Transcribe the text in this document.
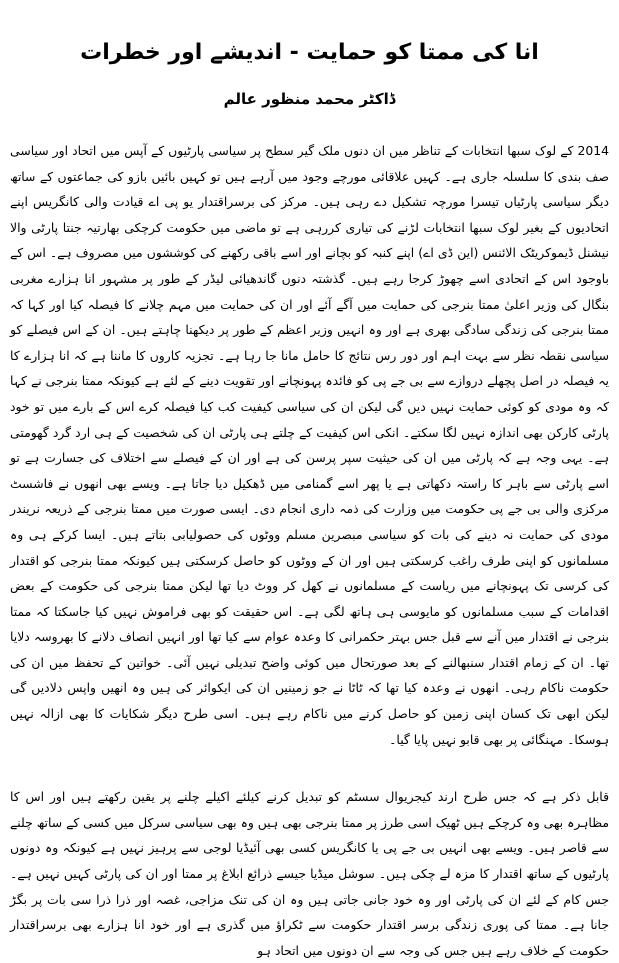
انا کی ممتا کو حمایت - اندیشے اور خطرات
ڈاکٹر محمد منظور عالم

2014 کے لوک سبھا انتخابات کے تناظر میں ان دنوں ملک گیر سطح پر سیاسی پارٹیوں کے آپس میں اتحاد اور سیاسی صف بندی کا سلسلہ جاری ہے۔ کہیں علاقائی مورچے وجود میں آرہے ہیں تو کہیں بائیں بازو کی جماعتوں کے ساتھ دیگر سیاسی پارٹیاں تیسرا مورچہ تشکیل دے رہی ہیں۔ مرکز کی برسراقتدار یو پی اے قیادت والی کانگریس اپنے اتحادیوں کے بغیر لوک سبھا انتخابات لڑنے کی تیاری کررہی ہے تو ماضی میں حکومت کرچکی بھارتیہ جنتا پارٹی والا نیشنل ڈیموکریٹک الائنس (این ڈی اے) اپنے کنبہ کو بچانے اور اسے باقی رکھنے کی کوششوں میں مصروف ہے۔ اس کے باوجود اس کے اتحادی اسے چھوڑ کرجا رہے ہیں۔ گذشتہ دنوں گاندھیائی لیڈر کے طور پر مشہور انا ہزارے مغربی بنگال کی وزیر اعلیٰ ممتا بنرجی کی حمایت میں آگے آئے اور ان کی حمایت میں مہم چلانے کا فیصلہ کیا اور کہا کہ ممتا بنرجی کی زندگی سادگی بھری ہے اور وہ انہیں وزیر اعظم کے طور پر دیکھنا چاہتے ہیں۔ ان کے اس فیصلے کو سیاسی نقطہ نظر سے بہت اہم اور دور رس نتائج کا حامل مانا جا رہا ہے۔ تجزیہ کاروں کا ماننا ہے کہ انا ہزارے کا یہ فیصلہ در اصل پچھلے دروازے سے بی جے پی کو فائدہ پہونچانے اور تقویت دینے کے لئے ہے کیونکہ ممتا بنرجی نے کہا کہ وہ مودی کو کوئی حمایت نہیں دیں گی لیکن ان کی سیاسی کیفیت کب کیا فیصلہ کرے اس کے بارے میں تو خود پارٹی کارکن بھی اندازہ نہیں لگا سکتے۔ انکی اس کیفیت کے چلتے ہی پارٹی ان کی شخصیت کے ہی ارد گرد گھومتی ہے۔ یہی وجہ ہے کہ پارٹی میں ان کی حیثیت سپر پرسن کی ہے اور ان کے فیصلے سے اختلاف کی جسارت ہے تو اسے پارٹی سے باہر کا راستہ دکھاتی ہے یا پھر اسے گمنامی میں ڈھکیل دیا جاتا ہے۔ ویسے بھی انھوں نے فاشسٹ مرکزی والی بی جے پی حکومت میں وزارت کی ذمہ داری انجام دی۔ ایسی صورت میں ممتا بنرجی کے ذریعہ نریندر مودی کی حمایت نہ دینے کی بات کو سیاسی مبصرین مسلم ووٹوں کی حصولیابی بتاتے ہیں۔ ایسا کرکے ہی وہ مسلمانوں کو اپنی طرف راغب کرسکتی ہیں اور ان کے ووٹوں کو حاصل کرسکتی ہیں کیونکہ ممتا بنرجی کو اقتدار کی کرسی تک پہونچانے میں ریاست کے مسلمانوں نے کھل کر ووٹ دیا تھا لیکن ممتا بنرجی کی حکومت کے بعض اقدامات کے سبب مسلمانوں کو مایوسی ہی ہاتھ لگی ہے۔ اس حقیقت کو بھی فراموش نہیں کیا جاسکتا کہ ممتا بنرجی نے اقتدار میں آنے سے قبل جس بہتر حکمرانی کا وعدہ عوام سے کیا تھا اور انہیں انصاف دلانے کا بھروسہ دلایا تھا۔ ان کے زمام اقتدار سنبھالنے کے بعد صورتحال میں کوئی واضح تبدیلی نہیں آئی۔ خواتین کے تحفظ میں ان کی حکومت ناکام رہی۔ انھوں نے وعدہ کیا تھا کہ ٹاٹا نے جو زمینیں ان کی ایکوائر کی ہیں وہ انھیں واپس دلادیں گی لیکن ابھی تک کسان اپنی زمین کو حاصل کرنے میں ناکام رہے ہیں۔ اسی طرح دیگر شکایات کا بھی ازالہ نہیں ہوسکا۔ مہنگائی پر بھی قابو نہیں پایا گیا۔

قابل ذکر ہے کہ جس طرح ارند کیجریوال سسٹم کو تبدیل کرنے کیلئے اکیلے چلنے پر یقین رکھتے ہیں اور اس کا مظاہرہ بھی وہ کرچکے ہیں ٹھیک اسی طرز پر ممتا بنرجی بھی ہیں وہ بھی سیاسی سرکل میں کسی کے ساتھ چلنے سے قاصر ہیں۔ ویسے بھی انہیں بی جے پی یا کانگریس کسی بھی آئیڈیا لوجی سے پرہیز نہیں ہے کیونکہ وہ دونوں پارٹیوں کے ساتھ اقتدار کا مزہ لے چکی ہیں۔ سوشل میڈیا جیسے ذرائع ابلاغ پر ممتا اور ان کی پارٹی کہیں نہیں ہے۔ جس کام کے لئے ان کی پارٹی اور وہ خود جانی جاتی ہیں وہ ان کی تنک مزاجی، غصہ اور ذرا ذرا سی بات پر بگڑ جانا ہے۔ ممتا کی پوری زندگی برسر اقتدار حکومت سے ٹکراؤ میں گذری ہے اور خود انا ہزارے بھی برسراقتدار حکومت کے خلاف رہے ہیں جس کی وجہ سے ان دونوں میں اتحاد ہو
